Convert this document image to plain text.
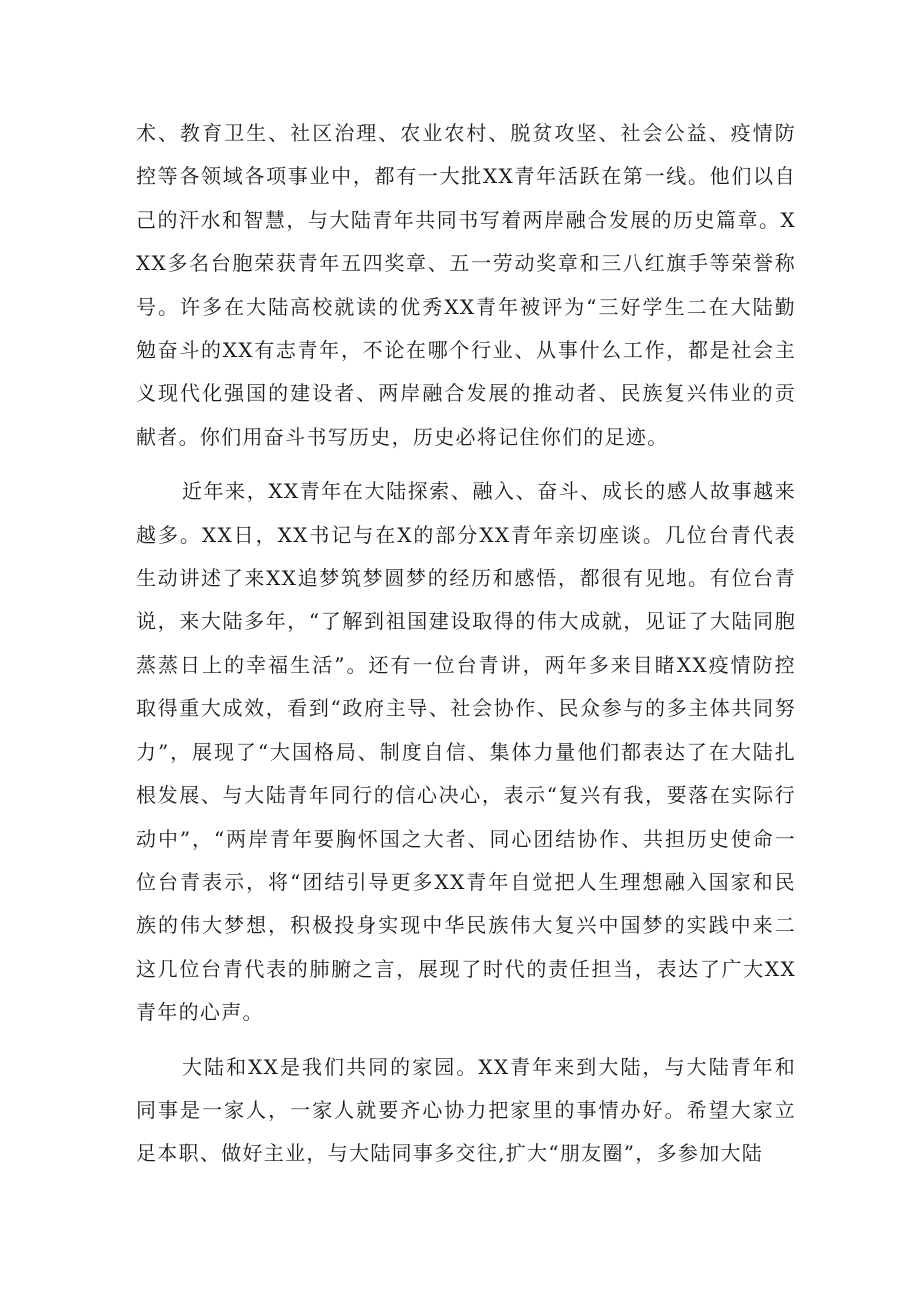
术、教育卫生、社区治理、农业农村、脱贫攻坚、社会公益、疫情防控等各领域各项事业中，都有一大批XX青年活跃在第一线。他们以自己的汗水和智慧，与大陆青年共同书写着两岸融合发展的历史篇章。XXX多名台胞荣获青年五四奖章、五一劳动奖章和三八红旗手等荣誉称号。许多在大陆高校就读的优秀XX青年被评为“三好学生二在大陆勤勉奋斗的XX有志青年，不论在哪个行业、从事什么工作，都是社会主义现代化强国的建设者、两岸融合发展的推动者、民族复兴伟业的贡献者。你们用奋斗书写历史，历史必将记住你们的足迹。

近年来，XX青年在大陆探索、融入、奋斗、成长的感人故事越来越多。XX日，XX书记与在X的部分XX青年亲切座谈。几位台青代表生动讲述了来XX追梦筑梦圆梦的经历和感悟，都很有见地。有位台青说，来大陆多年，“了解到祖国建设取得的伟大成就，见证了大陆同胞蒸蒸日上的幸福生活”。还有一位台青讲，两年多来目睹XX疫情防控取得重大成效，看到“政府主导、社会协作、民众参与的多主体共同努力”，展现了“大国格局、制度自信、集体力量他们都表达了在大陆扎根发展、与大陆青年同行的信心决心，表示“复兴有我，要落在实际行动中”，“两岸青年要胸怀国之大者、同心团结协作、共担历史使命一位台青表示，将“团结引导更多XX青年自觉把人生理想融入国家和民族的伟大梦想，积极投身实现中华民族伟大复兴中国梦的实践中来二这几位台青代表的肺腑之言，展现了时代的责任担当，表达了广大XX青年的心声。

大陆和XX是我们共同的家园。XX青年来到大陆，与大陆青年和同事是一家人，一家人就要齐心协力把家里的事情办好。希望大家立足本职、做好主业，与大陆同事多交往,扩大“朋友圈”，多参加大陆
